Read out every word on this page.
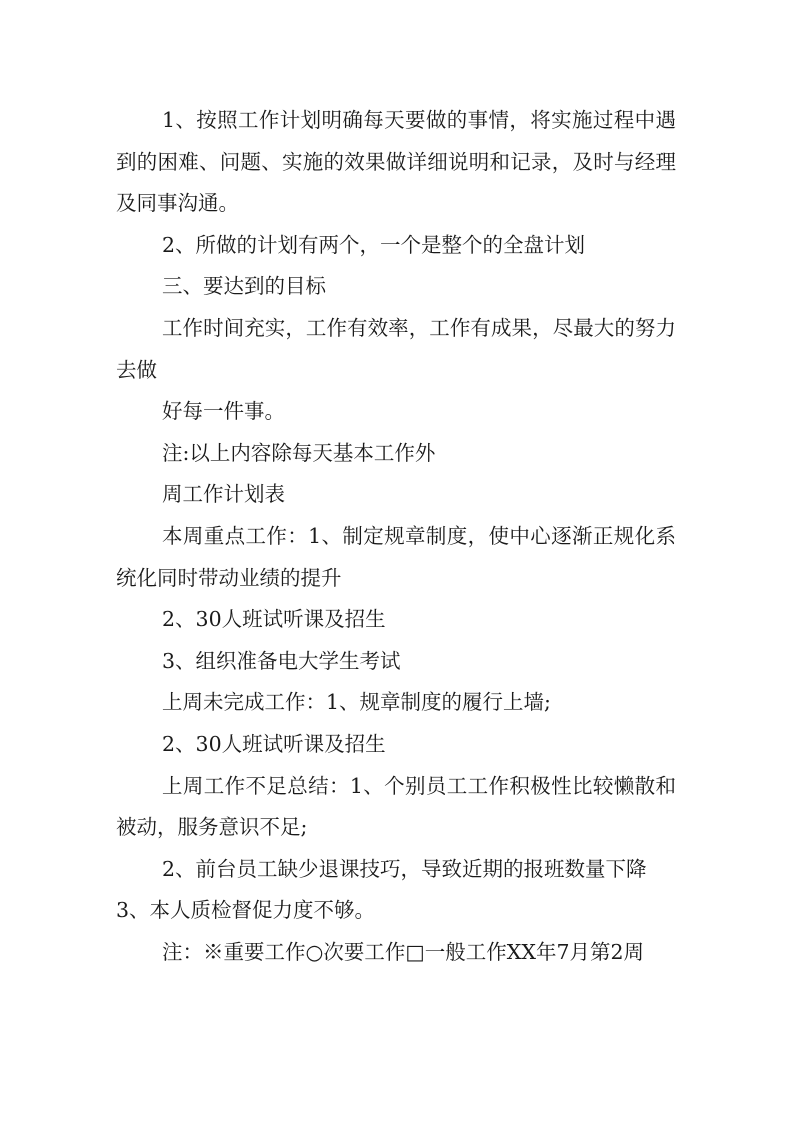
1、按照工作计划明确每天要做的事情，将实施过程中遇到的困难、问题、实施的效果做详细说明和记录，及时与经理及同事沟通。

2、所做的计划有两个，一个是整个的全盘计划

三、要达到的目标

工作时间充实，工作有效率，工作有成果，尽最大的努力去做

好每一件事。

注:以上内容除每天基本工作外

周工作计划表

本周重点工作：1、制定规章制度，使中心逐渐正规化系统化同时带动业绩的提升

2、30人班试听课及招生

3、组织准备电大学生考试

上周未完成工作：1、规章制度的履行上墙;

2、30人班试听课及招生

上周工作不足总结：1、个别员工工作积极性比较懒散和被动，服务意识不足;

2、前台员工缺少退课技巧，导致近期的报班数量下降

3、本人质检督促力度不够。

注：※重要工作○次要工作□一般工作XX年7月第2周
